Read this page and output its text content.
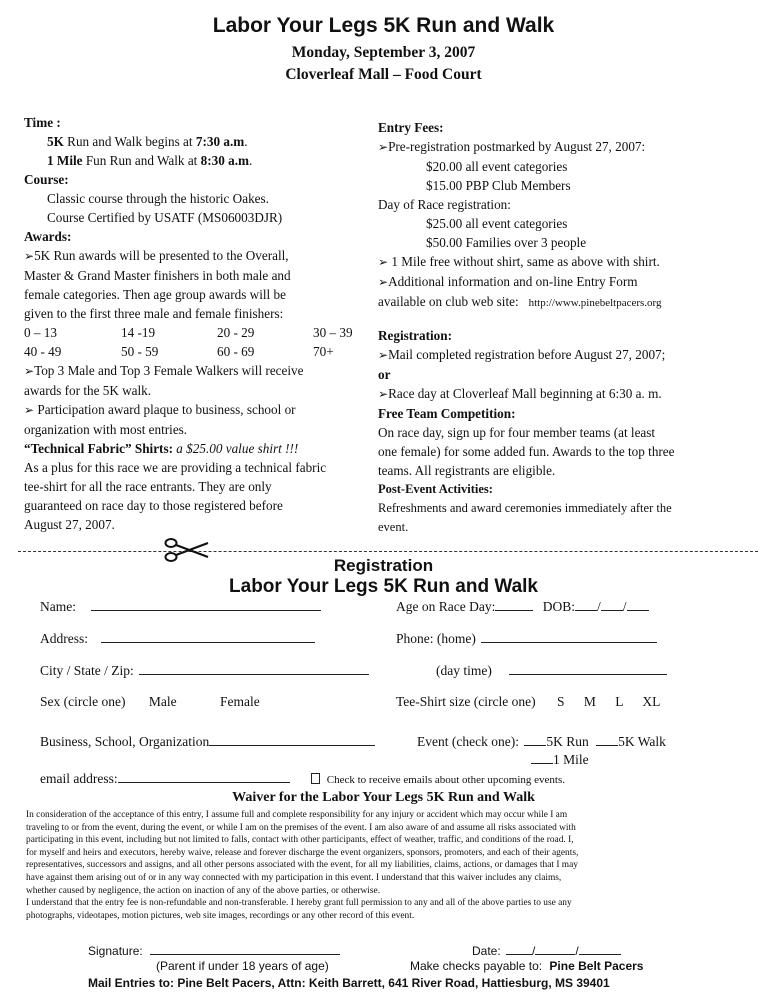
Labor Your Legs 5K Run and Walk
Monday, September 3, 2007
Cloverleaf Mall – Food Court
Time :
5K Run and Walk begins at 7:30 a.m.
1 Mile Fun Run and Walk at 8:30 a.m.
Course:
Classic course through the historic Oakes.
Course Certified by USATF (MS06003DJR)
Awards:
➢5K Run awards will be presented to the Overall,
Master & Grand Master finishers in both male and
female categories. Then age group awards will be
given to the first three male and female finishers:
0 – 13	14 -19	20 - 29	30 – 39
40 - 49	50 - 59	60 - 69	70+
➢Top 3 Male and Top 3 Female Walkers will receive
awards for the 5K walk.
➢ Participation award plaque to business, school or
organization with most entries.
“Technical Fabric” Shirts: a $25.00 value shirt !!!
As a plus for this race we are providing a technical fabric
tee-shirt for all the race entrants. They are only
guaranteed on race day to those registered before
August 27, 2007.
Entry Fees:
➢Pre-registration postmarked by August 27, 2007:
$20.00 all event categories
$15.00 PBP Club Members
Day of Race registration:
$25.00 all event categories
$50.00 Families over 3 people
➢ 1 Mile free without shirt, same as above with shirt.
➢Additional information and on-line Entry Form
available on club web site: http://www.pinebeltpacers.org
Registration:
➢Mail completed registration before August 27, 2007;
or
➢Race day at Cloverleaf Mall beginning at 6:30 a. m.
Free Team Competition:
On race day, sign up for four member teams (at least
one female) for some added fun. Awards to the top three
teams. All registrants are eligible.
Post-Event Activities:
Refreshments and award ceremonies immediately after the
event.
Registration
Labor Your Legs 5K Run and Walk
Name:	Age on Race Day:	DOB: / /
Address:	Phone: (home)
City / State / Zip:	(day time)
Sex (circle one) Male	Female	Tee-Shirt size (circle one) S M L XL
Business, School, Organization	Event (check one): 5K Run 5K Walk
1 Mile
email address:	Check to receive emails about other upcoming events.
Waiver for the Labor Your Legs 5K Run and Walk
In consideration of the acceptance of this entry, I assume full and complete responsibility for any injury or accident which may occur while I am
traveling to or from the event, during the event, or while I am on the premises of the event. I am also aware of and assume all risks associated with
participating in this event, including but not limited to falls, contact with other participants, effect of weather, traffic, and conditions of the road. I,
for myself and heirs and executors, hereby waive, release and forever discharge the event organizers, sponsors, promoters, and each of their agents,
representatives, successors and assigns, and all other persons associated with the event, for all my liabilities, claims, actions, or damages that I may
have against them arising out of or in any way connected with my participation in this event. I understand that this waiver includes any claims,
whether caused by negligence, the action on inaction of any of the above parties, or otherwise.
I understand that the entry fee is non-refundable and non-transferable. I hereby grant full permission to any and all of the above parties to use any
photographs, videotapes, motion pictures, web site images, recordings or any other record of this event.
Signature:	Date:	/	/
(Parent if under 18 years of age)	Make checks payable to: Pine Belt Pacers
Mail Entries to: Pine Belt Pacers, Attn: Keith Barrett, 641 River Road, Hattiesburg, MS 39401
